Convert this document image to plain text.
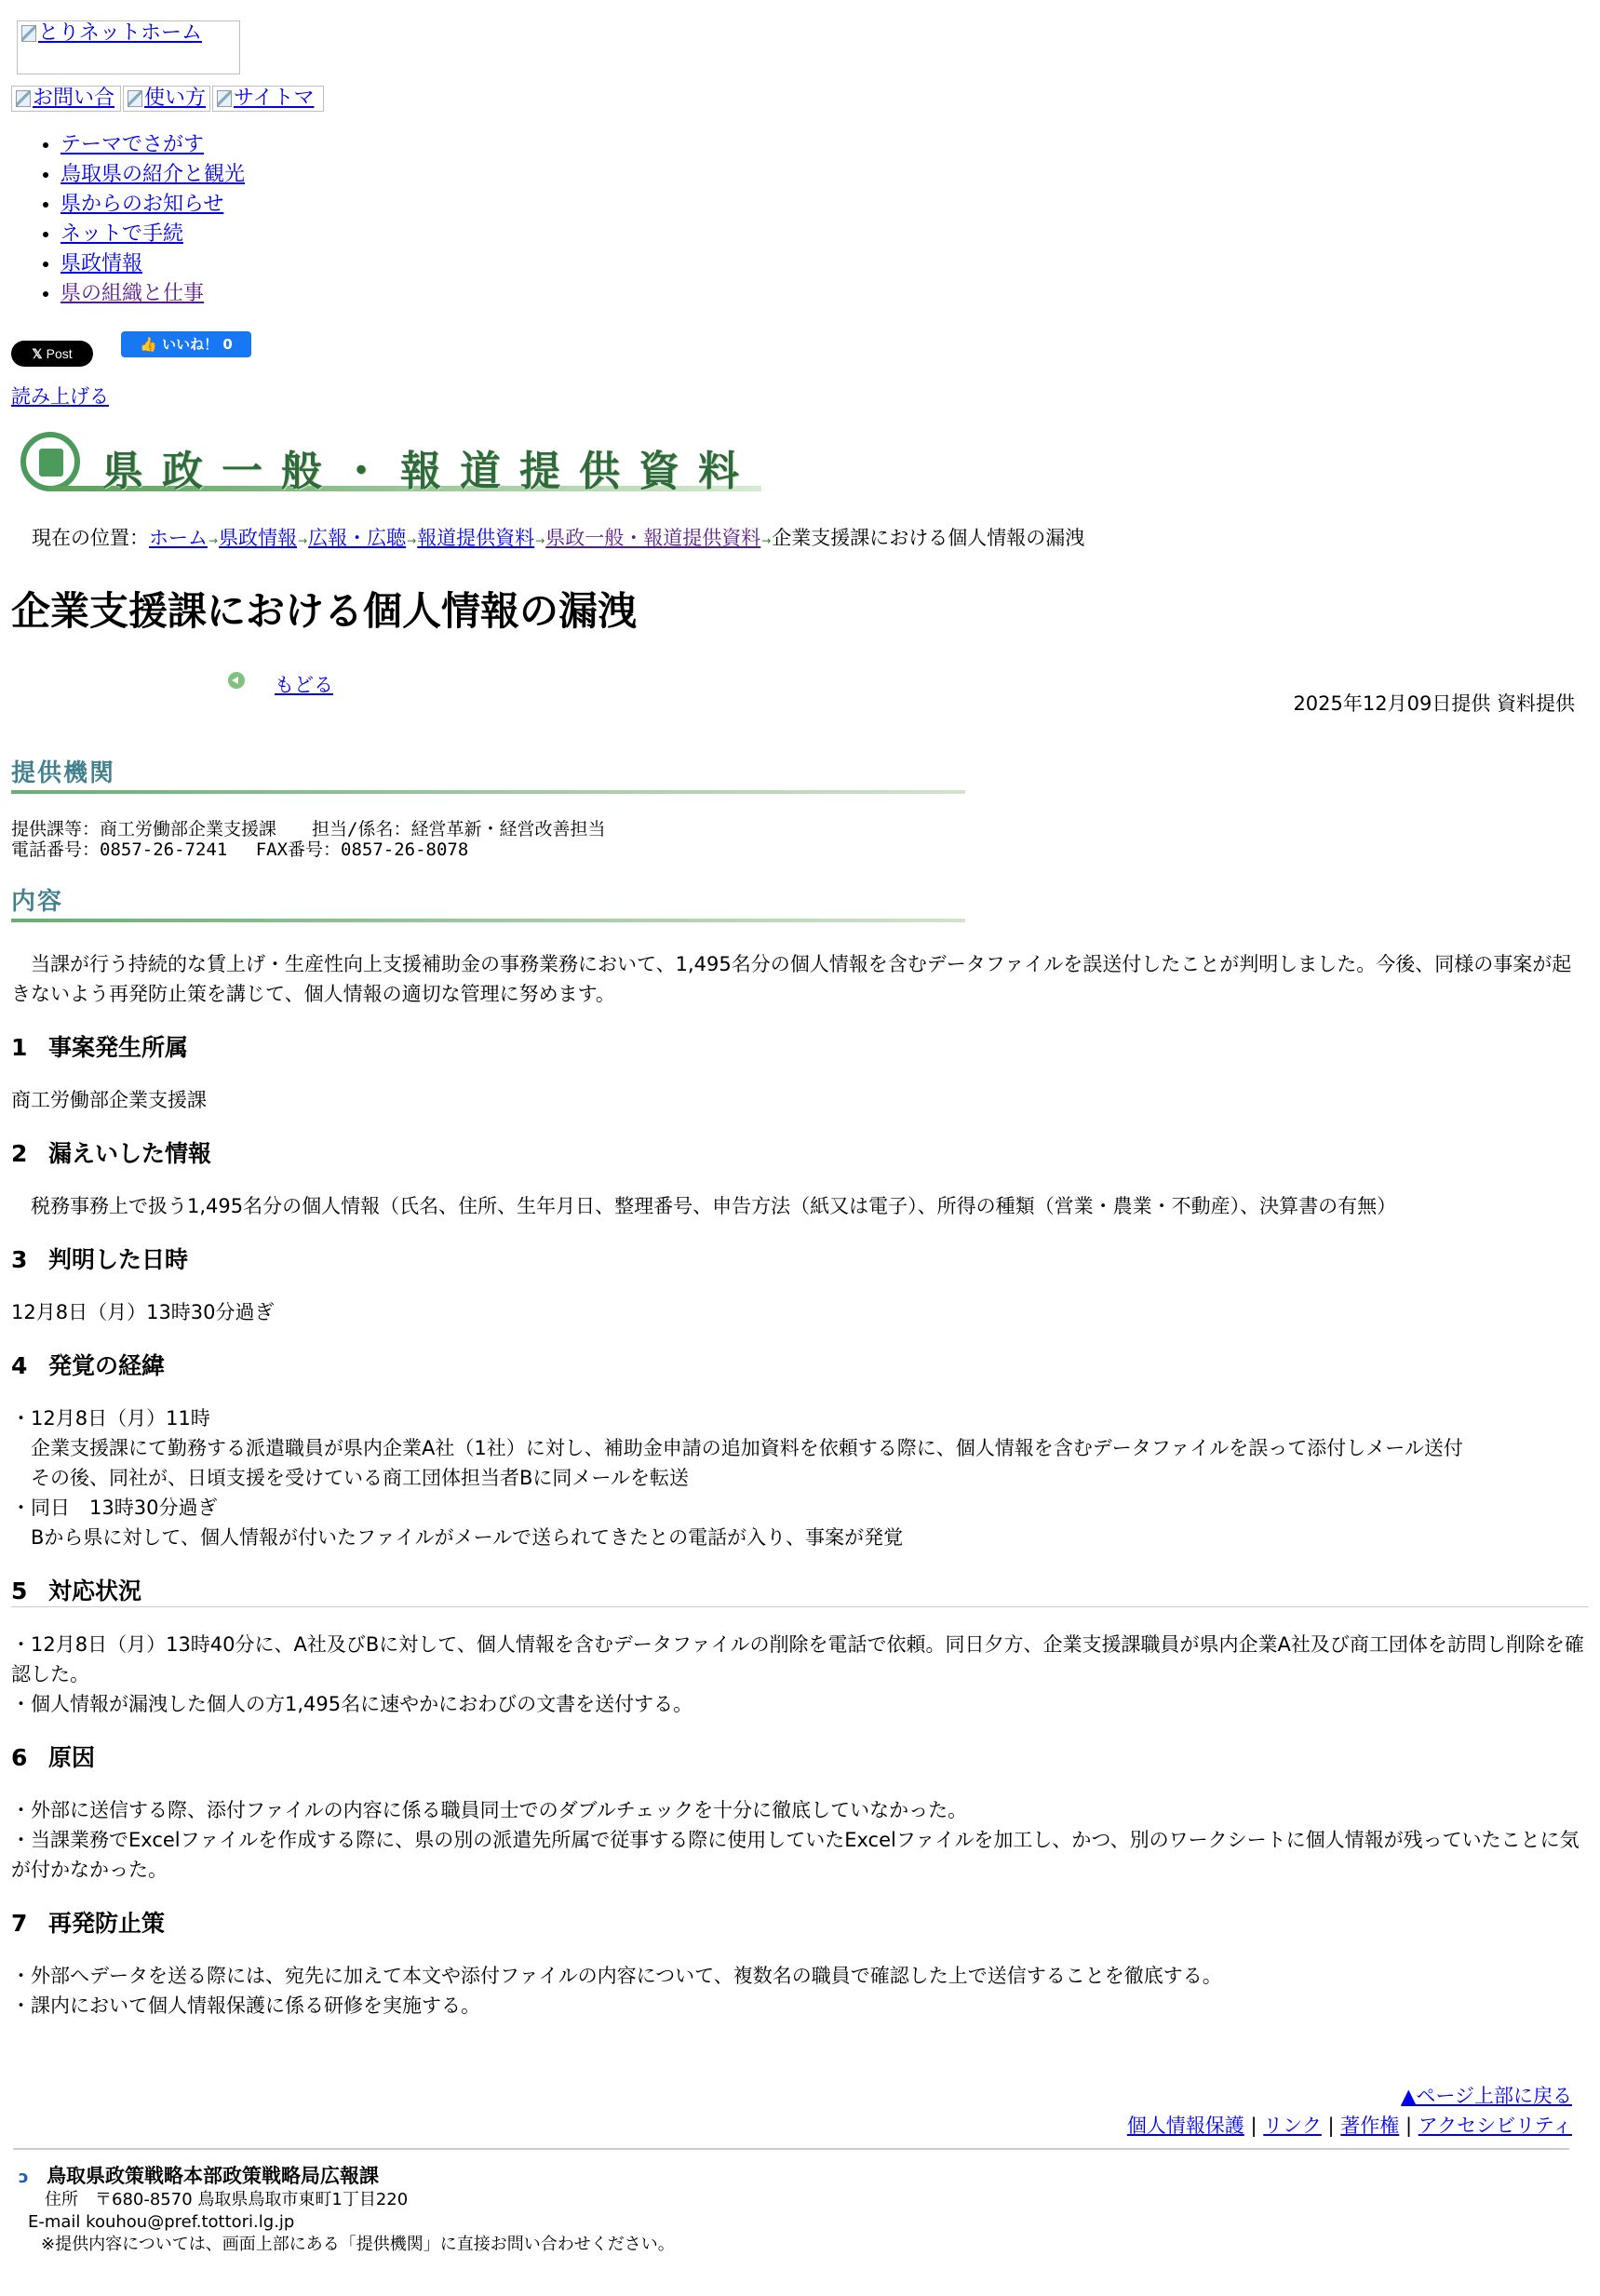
とりネットホーム
お問い合 使い方 サイトマ
• テーマでさがす
• 鳥取県の紹介と観光
• 県からのお知らせ
• ネットで手続
• 県政情報
• 県の組織と仕事
𝕏 Post
👍 いいね！ 0
読み上げる
県政一般・報道提供資料
現在の位置：ホーム→県政情報→広報・広聴→報道提供資料→県政一般・報道提供資料→企業支援課における個人情報の漏洩
企業支援課における個人情報の漏洩
もどる
2025年12月09日提供 資料提供
提供機関
提供課等：商工労働部企業支援課　　担当/係名：経営革新・経営改善担当
電話番号：0857-26-7241　 FAX番号：0857-26-8078
内容

当課が行う持続的な賃上げ・生産性向上支援補助金の事務業務において、1,495名分の個人情報を含むデータファイルを誤送付したことが判明しました。今後、同様の事案が起きないよう再発防止策を講じて、個人情報の適切な管理に努めます。

1 事案発生所属

商工労働部企業支援課

2 漏えいした情報

税務事務上で扱う1,495名分の個人情報（氏名、住所、生年月日、整理番号、申告方法（紙又は電子）、所得の種類（営業・農業・不動産）、決算書の有無）

3 判明した日時

12月8日（月）13時30分過ぎ

4 発覚の経緯

・12月8日（月）11時

企業支援課にて勤務する派遣職員が県内企業A社（1社）に対し、補助金申請の追加資料を依頼する際に、個人情報を含むデータファイルを誤って添付しメール送付

その後、同社が、日頃支援を受けている商工団体担当者Bに同メールを転送

・同日　13時30分過ぎ

Bから県に対して、個人情報が付いたファイルがメールで送られてきたとの電話が入り、事案が発覚

5 対応状況

・12月8日（月）13時40分に、A社及びBに対して、個人情報を含むデータファイルの削除を電話で依頼。同日夕方、企業支援課職員が県内企業A社及び商工団体を訪問し削除を確認した。

・個人情報が漏洩した個人の方1,495名に速やかにおわびの文書を送付する。

6 原因

・外部に送信する際、添付ファイルの内容に係る職員同士でのダブルチェックを十分に徹底していなかった。

・当課業務でExcelファイルを作成する際に、県の別の派遣先所属で従事する際に使用していたExcelファイルを加工し、かつ、別のワークシートに個人情報が残っていたことに気が付かなかった。

7 再発防止策

・外部へデータを送る際には、宛先に加えて本文や添付ファイルの内容について、複数名の職員で確認した上で送信することを徹底する。

・課内において個人情報保護に係る研修を実施する。

▲ページ上部に戻る
個人情報保護 | リンク | 著作権 | アクセシビリティ
ↄ 鳥取県政策戦略本部政策戦略局広報課
住所　〒680-8570 鳥取県鳥取市東町1丁目220
E-mail kouhou@pref.tottori.lg.jp
※提供内容については、画面上部にある「提供機関」に直接お問い合わせください。
